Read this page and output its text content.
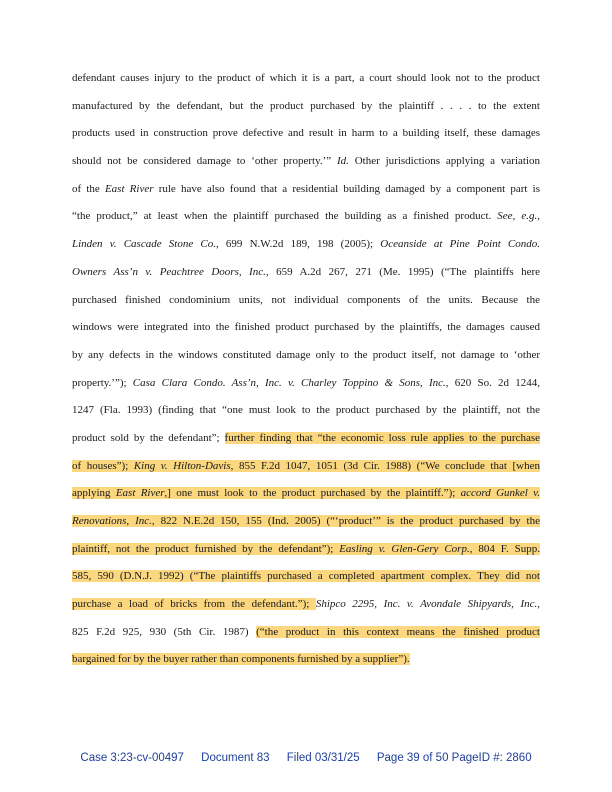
defendant causes injury to the product of which it is a part, a court should look not to the product
manufactured by the defendant, but the product purchased by the plaintiff . . . . to the extent
products used in construction prove defective and result in harm to a building itself, these damages
should not be considered damage to ‘other property.’” Id. Other jurisdictions applying a variation
of the East River rule have also found that a residential building damaged by a component part is
“the product,” at least when the plaintiff purchased the building as a finished product. See, e.g.,
Linden v. Cascade Stone Co., 699 N.W.2d 189, 198 (2005); Oceanside at Pine Point Condo.
Owners Ass’n v. Peachtree Doors, Inc., 659 A.2d 267, 271 (Me. 1995) (“The plaintiffs here
purchased finished condominium units, not individual components of the units. Because the
windows were integrated into the finished product purchased by the plaintiffs, the damages caused
by any defects in the windows constituted damage only to the product itself, not damage to ‘other
property.’”); Casa Clara Condo. Ass’n, Inc. v. Charley Toppino & Sons, Inc., 620 So. 2d 1244,
1247 (Fla. 1993) (finding that “one must look to the product purchased by the plaintiff, not the
product sold by the defendant”; further finding that “the economic loss rule applies to the purchase
of houses”); King v. Hilton-Davis, 855 F.2d 1047, 1051 (3d Cir. 1988) (“We conclude that [when
applying East River,] one must look to the product purchased by the plaintiff.”); accord Gunkel v.
Renovations, Inc., 822 N.E.2d 150, 155 (Ind. 2005) (“‘product’” is the product purchased by the
plaintiff, not the product furnished by the defendant”); Easling v. Glen-Gery Corp., 804 F. Supp.
585, 590 (D.N.J. 1992) (“The plaintiffs purchased a completed apartment complex. They did not
purchase a load of bricks from the defendant.”); Shipco 2295, Inc. v. Avondale Shipyards, Inc.,
825 F.2d 925, 930 (5th Cir. 1987) (“the product in this context means the finished product
bargained for by the buyer rather than components furnished by a supplier”).
Case 3:23-cv-00497 Document 83 Filed 03/31/25 Page 39 of 50 PageID #: 2860
